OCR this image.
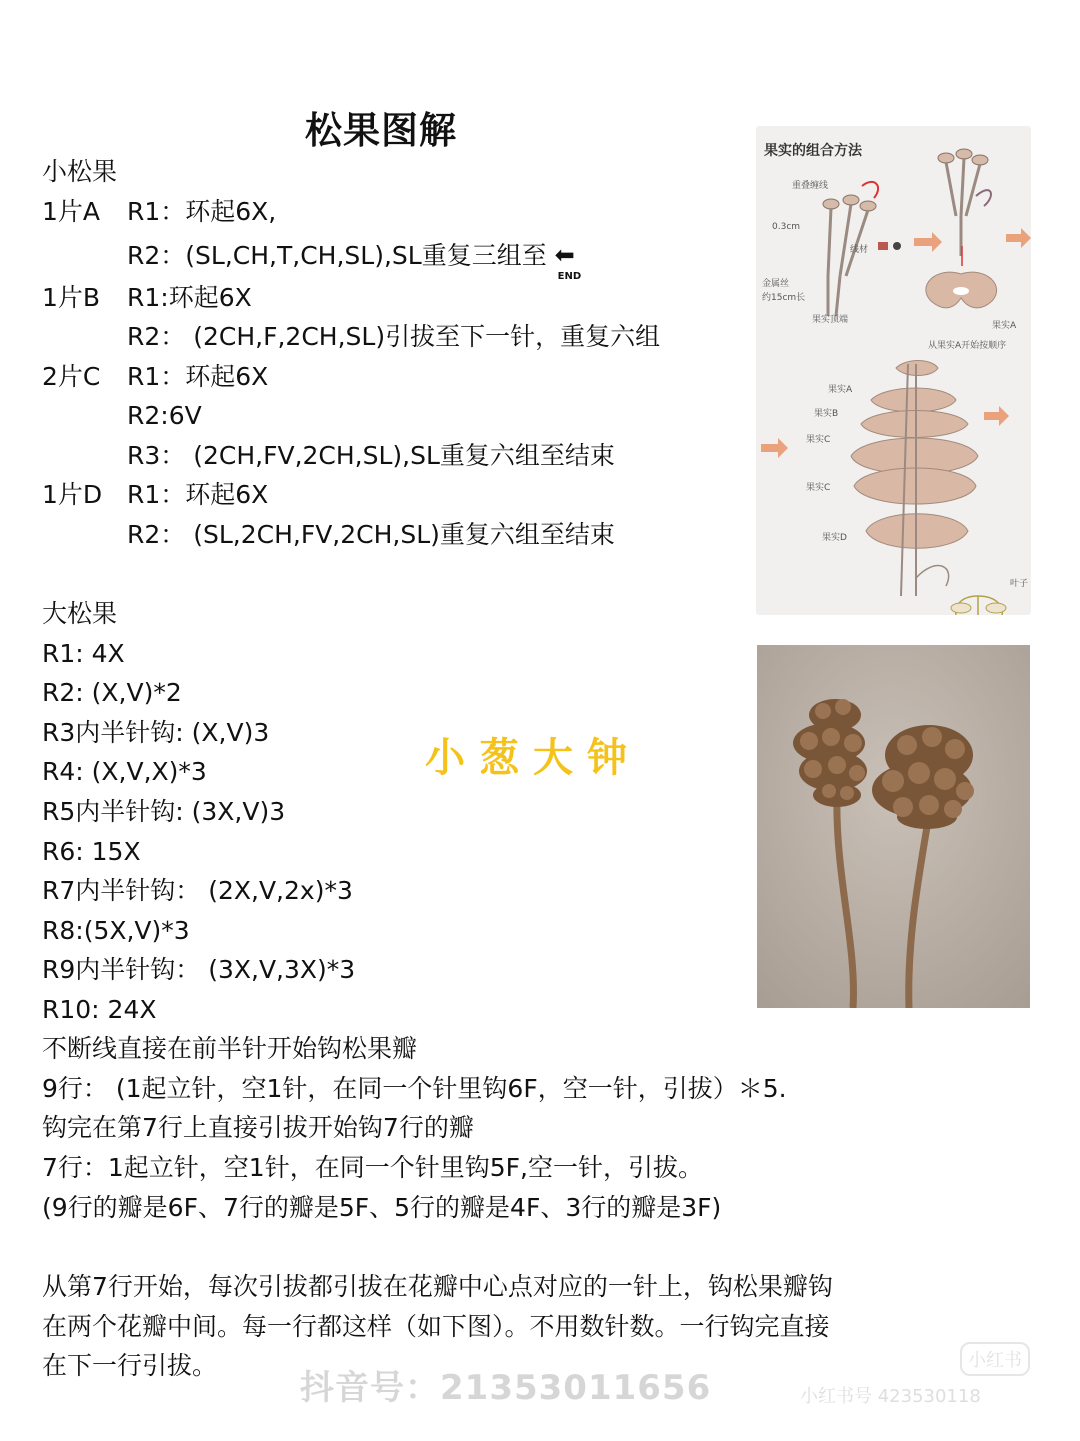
松果图解
小松果
1片A R1：环起6X,
R2：(SL,CH,T,CH,SL),SL重复三组至 ⬅
END
1片B R1:环起6X
R2： (2CH,F,2CH,SL)引拔至下一针，重复六组
2片C R1：环起6X
R2:6V
R3： (2CH,FV,2CH,SL),SL重复六组至结束
1片D R1：环起6X
R2： (SL,2CH,FV,2CH,SL)重复六组至结束
大松果
R1: 4X
R2: (X,V)*2
R3内半针钩: (X,V)3
R4: (X,V,X)*3
R5内半针钩: (3X,V)3
R6: 15X
R7内半针钩： (2X,V,2x)*3
R8:(5X,V)*3
R9内半针钩： (3X,V,3X)*3
R10: 24X
不断线直接在前半针开始钩松果瓣
9行： (1起立针，空1针，在同一个针里钩6F，空一针，引拔）＊5.
钩完在第7行上直接引拔开始钩7行的瓣
7行：1起立针，空1针，在同一个针里钩5F,空一针，引拔。
(9行的瓣是6F、7行的瓣是5F、5行的瓣是4F、3行的瓣是3F)
从第7行开始，每次引拔都引拔在花瓣中心点对应的一针上，钩松果瓣钩
在两个花瓣中间。每一行都这样（如下图）。不用数针数。一行钩完直接
在下一行引拔。
小葱大钟
果实的组合方法
重叠缠线
0.3cm
金属丝
约15cm长
果实顶端
线材
果实A
从果实A开始按顺序
果实A
果实B
果实C
果实C
果实D
叶子
抖音号：21353011656	小红书号 423530118
小红书
